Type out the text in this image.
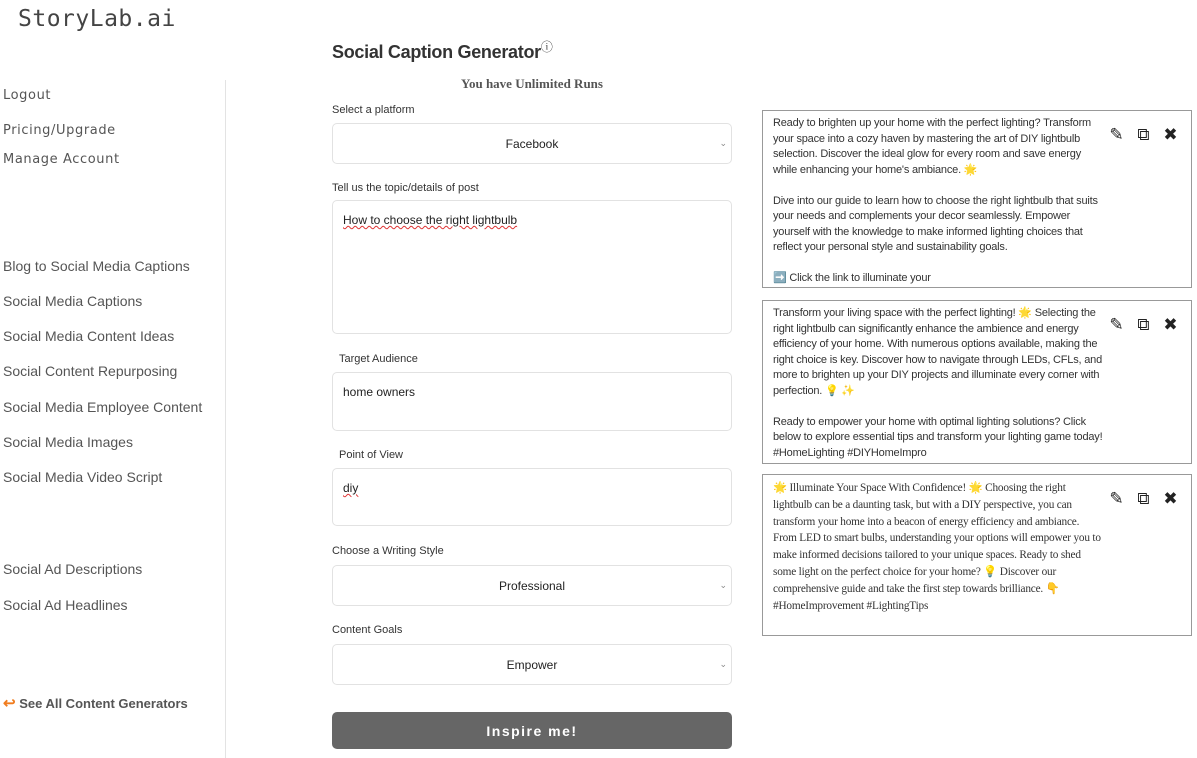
StoryLab.ai
Logout
Pricing/Upgrade
Manage Account
Blog to Social Media Captions
Social Media Captions
Social Media Content Ideas
Social Content Repurposing
Social Media Employee Content
Social Media Images
Social Media Video Script
Social Ad Descriptions
Social Ad Headlines
↩ See All Content Generators
Social Caption Generatorⓘ
You have Unlimited Runs
Select a platform
Facebook	⌄
Tell us the topic/details of post
How to choose the right lightbulb
Target Audience
home owners
Point of View
diy
Choose a Writing Style
Professional	⌄
Content Goals
Empower	⌄
Inspire me!

Ready to brighten up your home with the perfect lighting? Transform your space into a cozy haven by mastering the art of DIY lightbulb selection. Discover the ideal glow for every room and save energy while enhancing your home's ambiance. 🌟

Dive into our guide to learn how to choose the right lightbulb that suits your needs and complements your decor seamlessly. Empower yourself with the knowledge to make informed lighting choices that reflect your personal style and sustainability goals.

➡️ Click the link to illuminate your

✎ ⧉ ✖

Transform your living space with the perfect lighting! 🌟 Selecting the right lightbulb can significantly enhance the ambience and energy efficiency of your home. With numerous options available, making the right choice is key. Discover how to navigate through LEDs, CFLs, and more to brighten up your DIY projects and illuminate every corner with perfection. 💡 ✨

Ready to empower your home with optimal lighting solutions? Click below to explore essential tips and transform your lighting game today! #HomeLighting #DIYHomeImpro

✎ ⧉ ✖

🌟 Illuminate Your Space With Confidence! 🌟 Choosing the right lightbulb can be a daunting task, but with a DIY perspective, you can transform your home into a beacon of energy efficiency and ambiance. From LED to smart bulbs, understanding your options will empower you to make informed decisions tailored to your unique spaces. Ready to shed some light on the perfect choice for your home? 💡 Discover our comprehensive guide and take the first step towards brilliance. 👇 #HomeImprovement #LightingTips

✎ ⧉ ✖
